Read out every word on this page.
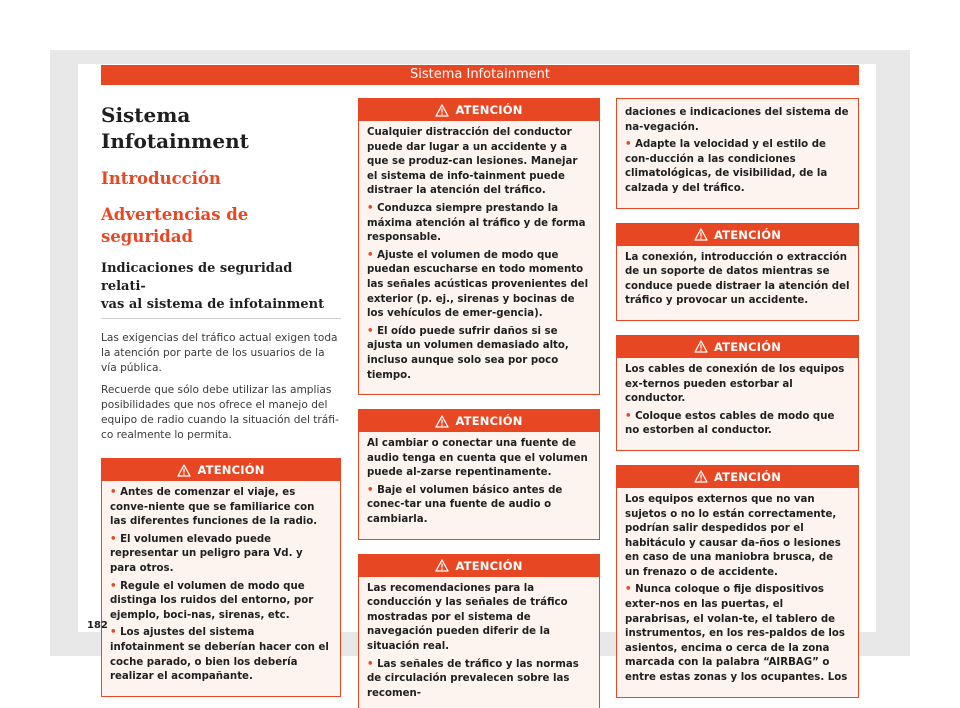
Sistema Infotainment
Sistema Infotainment
Introducción
Advertencias de seguridad
Indicaciones de seguridad relati-
vas al sistema de infotainment

Las exigencias del tráfico actual exigen toda la atención por parte de los usuarios de la vía pública.

Recuerde que sólo debe utilizar las amplias posibilidades que nos ofrece el manejo del equipo de radio cuando la situación del tráfi-co realmente lo permita.

ATENCIÓN

• Antes de comenzar el viaje, es conve-niente que se familiarice con las diferentes funciones de la radio.

• El volumen elevado puede representar un peligro para Vd. y para otros.

• Regule el volumen de modo que distinga los ruidos del entorno, por ejemplo, boci-nas, sirenas, etc.

• Los ajustes del sistema infotainment se deberían hacer con el coche parado, o bien los debería realizar el acompañante.

ATENCIÓN

Cualquier distracción del conductor puede dar lugar a un accidente y a que se produz-can lesiones. Manejar el sistema de info-tainment puede distraer la atención del tráfico.

• Conduzca siempre prestando la máxima atención al tráfico y de forma responsable.

• Ajuste el volumen de modo que puedan escucharse en todo momento las señales acústicas provenientes del exterior (p. ej., sirenas y bocinas de los vehículos de emer-gencia).

• El oído puede sufrir daños si se ajusta un volumen demasiado alto, incluso aunque solo sea por poco tiempo.

ATENCIÓN

Al cambiar o conectar una fuente de audio tenga en cuenta que el volumen puede al-zarse repentinamente.

• Baje el volumen básico antes de conec-tar una fuente de audio o cambiarla.

ATENCIÓN

Las recomendaciones para la conducción y las señales de tráfico mostradas por el sistema de navegación pueden diferir de la situación real.

• Las señales de tráfico y las normas de circulación prevalecen sobre las recomen-

daciones e indicaciones del sistema de na-vegación.

• Adapte la velocidad y el estilo de con-ducción a las condiciones climatológicas, de visibilidad, de la calzada y del tráfico.

ATENCIÓN

La conexión, introducción o extracción de un soporte de datos mientras se conduce puede distraer la atención del tráfico y provocar un accidente.

ATENCIÓN

Los cables de conexión de los equipos ex-ternos pueden estorbar al conductor.

• Coloque estos cables de modo que no estorben al conductor.

ATENCIÓN

Los equipos externos que no van sujetos o no lo están correctamente, podrían salir despedidos por el habitáculo y causar da-ños o lesiones en caso de una maniobra brusca, de un frenazo o de accidente.

• Nunca coloque o fije dispositivos exter-nos en las puertas, el parabrisas, el volan-te, el tablero de instrumentos, en los res-paldos de los asientos, encima o cerca de la zona marcada con la palabra “AIRBAG” o entre estas zonas y los ocupantes. Los

182
